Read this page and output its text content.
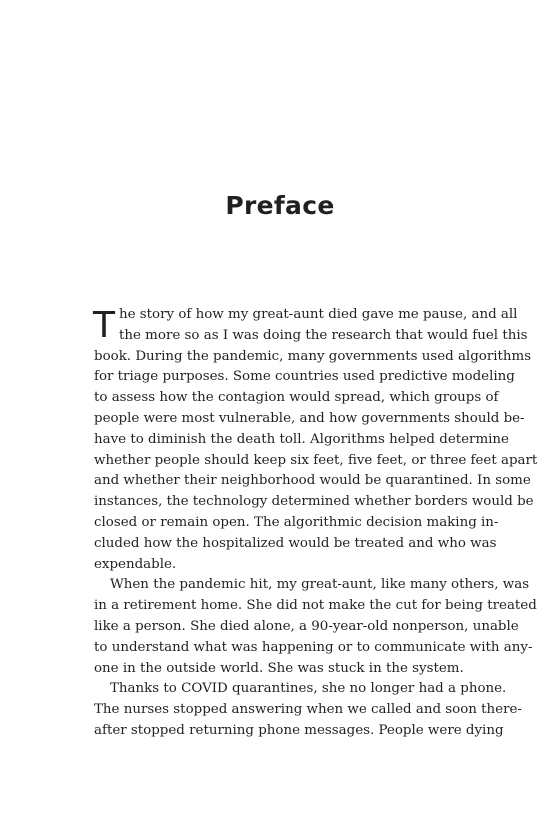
Preface
T he story of how my great-aunt died gave me pause, and all
the more so as I was doing the research that would fuel this
book. During the pandemic, many governments used algorithms
for triage purposes. Some countries used predictive modeling
to assess how the contagion would spread, which groups of
people were most vulnerable, and how governments should be-
have to diminish the death toll. Algorithms helped determine
whether people should keep six feet, five feet, or three feet apart
and whether their neighborhood would be quarantined. In some
instances, the technology determined whether borders would be
closed or remain open. The algorithmic decision making in-
cluded how the hospitalized would be treated and who was
expendable.
When the pandemic hit, my great-aunt, like many others, was
in a retirement home. She did not make the cut for being treated
like a person. She died alone, a 90-year-old nonperson, unable
to understand what was happening or to communicate with any-
one in the outside world. She was stuck in the system.
Thanks to COVID quarantines, she no longer had a phone.
The nurses stopped answering when we called and soon there-
after stopped returning phone messages. People were dying
